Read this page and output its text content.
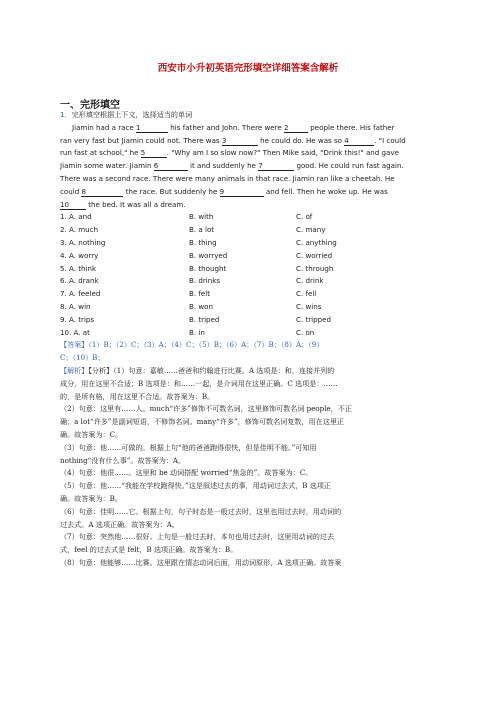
西安市小升初英语完形填空详细答案含解析
一、完形填空
1．完形填空根据上下文，选择适当的单词
Jiamin had a race 1	his father and John. There were 2	people there. His father
ran very fast but Jiamin could not. There was 3	he could do. He was so 4	. "I could
run fast at school," he 5	. "Why am I so slow now?" Then Mike said, "Drink this!" and gave
Jiamin some water. Jiamin 6	it and suddenly he 7	good. He could run fast again.
There was a second race. There were many animals in that race. Jiamin ran like a cheetah. He
could 8	the race. But suddenly he 9	and fell. Then he woke up. He was
10 the bed. It was all a dream.
1. A. and	B. with	C. of
2. A. much	B. a lot	C. many
3. A. nothing	B. thing	C. anything
4. A. worry	B. worryed	C. worried
5. A. think	B. thought	C. through
6. A. drank	B. drinks	C. drink
7. A. feeled	B. felt	C. fell
8. A. win	B. won	C. wins
9. A. trips	B. triped	C. tripped
10. A. at	B. in	C. on
【答案】（1）B；（2）C；（3）A；（4）C；（5）B；（6）A；（7）B；（8）A；（9）
C；（10）B；
【解析】【分析】（1）句意：嘉敏……爸爸和约翰进行比赛。A 选项是：和，连接并列的
成分，用在这里不合适；B 选项是：和……一起，是介词用在这里正确。C 选项是：……
的，是所有格，用在这里不合适。故答案为：B。
（2）句意：这里有……人。much“许多”修饰不可数名词，这里修饰可数名词 people，不正
确；a lot“许多”是副词短语，不修饰名词。many“许多”，修饰可数名词复数，用在这里正
确。故答案为：C。
（3）句意：他……可做的。根据上句“他的爸爸跑得很快，但是佳明不能。”可知用
nothing“没有什么事”。故答案为：A。
（4）句意：他很……。这里和 be 动词搭配 worried“焦急的”。故答案为：C。
（5）句意：他……“我能在学校跑得快。”这是叙述过去的事，用动词过去式，B 选项正
确。故答案为：B。
（6）句意：佳明……它。根据上句，句子时态是一般过去时，这里也用过去时，用动词的
过去式。A 选项正确。故答案为：A。
（7）句意：突然他……很好。上句是一般过去时，本句也用过去时，这里用动词的过去
式，feel 的过去式是 felt，B 选项正确。故答案为：B。
（8）句意：他能够……比赛。这里跟在情态动词后面，用动词原形，A 选项正确。故答案
